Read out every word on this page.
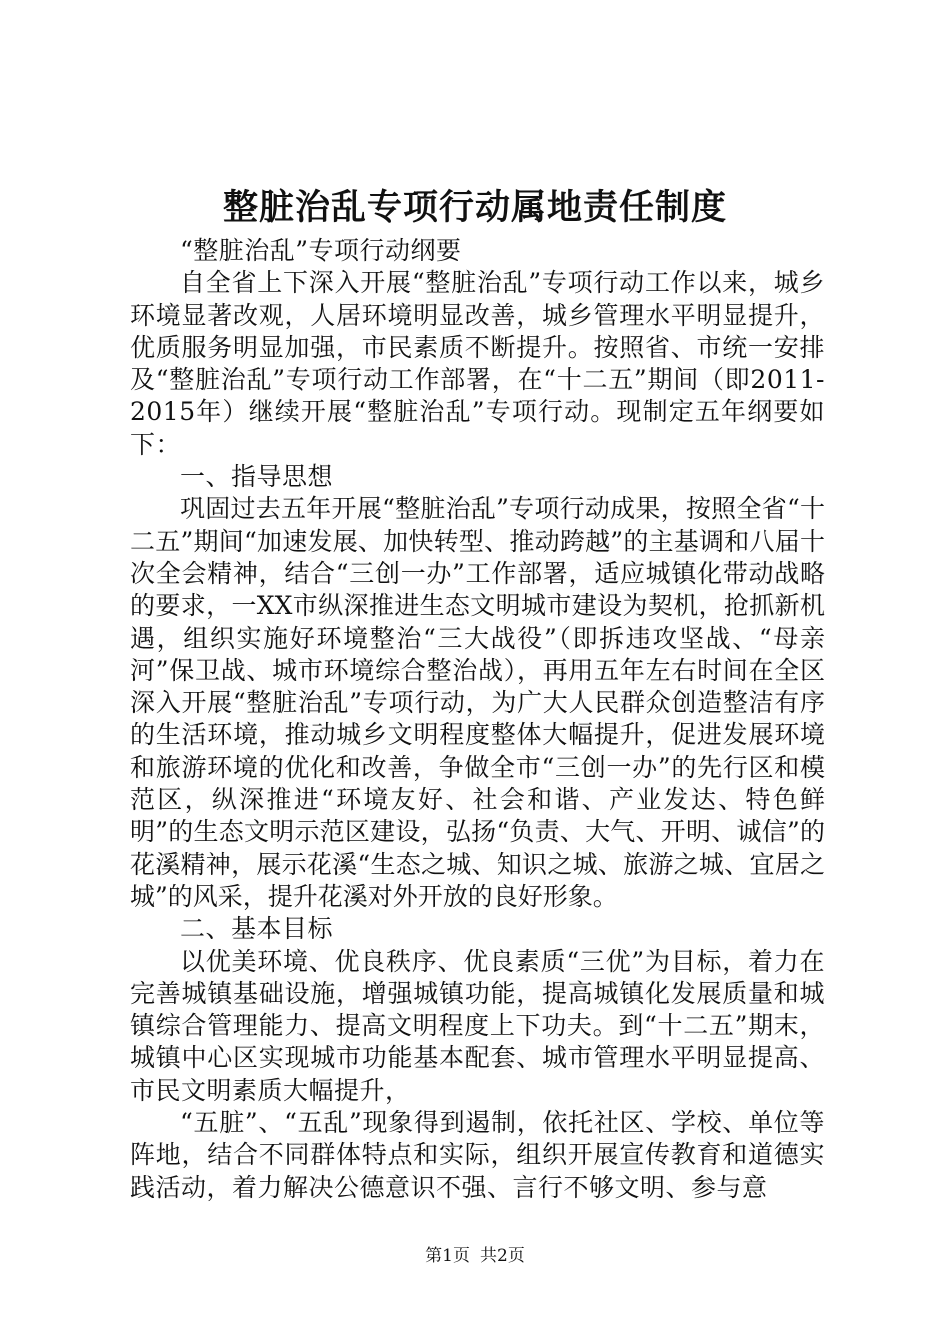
整脏治乱专项行动属地责任制度

“整脏治乱”专项行动纲要

自全省上下深入开展“整脏治乱”专项行动工作以来，城乡环境显著改观，人居环境明显改善，城乡管理水平明显提升，优质服务明显加强，市民素质不断提升。按照省、市统一安排及“整脏治乱”专项行动工作部署，在“十二五”期间（即2011-2015年）继续开展“整脏治乱”专项行动。现制定五年纲要如下：

一、指导思想

巩固过去五年开展“整脏治乱”专项行动成果，按照全省“十二五”期间“加速发展、加快转型、推动跨越”的主基调和八届十次全会精神，结合“三创一办”工作部署，适应城镇化带动战略的要求，一XX市纵深推进生态文明城市建设为契机，抢抓新机遇，组织实施好环境整治“三大战役”（即拆违攻坚战、“母亲河”保卫战、城市环境综合整治战），再用五年左右时间在全区深入开展“整脏治乱”专项行动，为广大人民群众创造整洁有序的生活环境，推动城乡文明程度整体大幅提升，促进发展环境和旅游环境的优化和改善，争做全市“三创一办”的先行区和模范区，纵深推进“环境友好、社会和谐、产业发达、特色鲜明”的生态文明示范区建设，弘扬“负责、大气、开明、诚信”的花溪精神，展示花溪“生态之城、知识之城、旅游之城、宜居之城”的风采，提升花溪对外开放的良好形象。

二、基本目标

以优美环境、优良秩序、优良素质“三优”为目标，着力在完善城镇基础设施，增强城镇功能，提高城镇化发展质量和城镇综合管理能力、提高文明程度上下功夫。到“十二五”期末，城镇中心区实现城市功能基本配套、城市管理水平明显提高、市民文明素质大幅提升，

“五脏”、“五乱”现象得到遏制，依托社区、学校、单位等阵地，结合不同群体特点和实际，组织开展宣传教育和道德实践活动，着力解决公德意识不强、言行不够文明、参与意

第1页 共2页
